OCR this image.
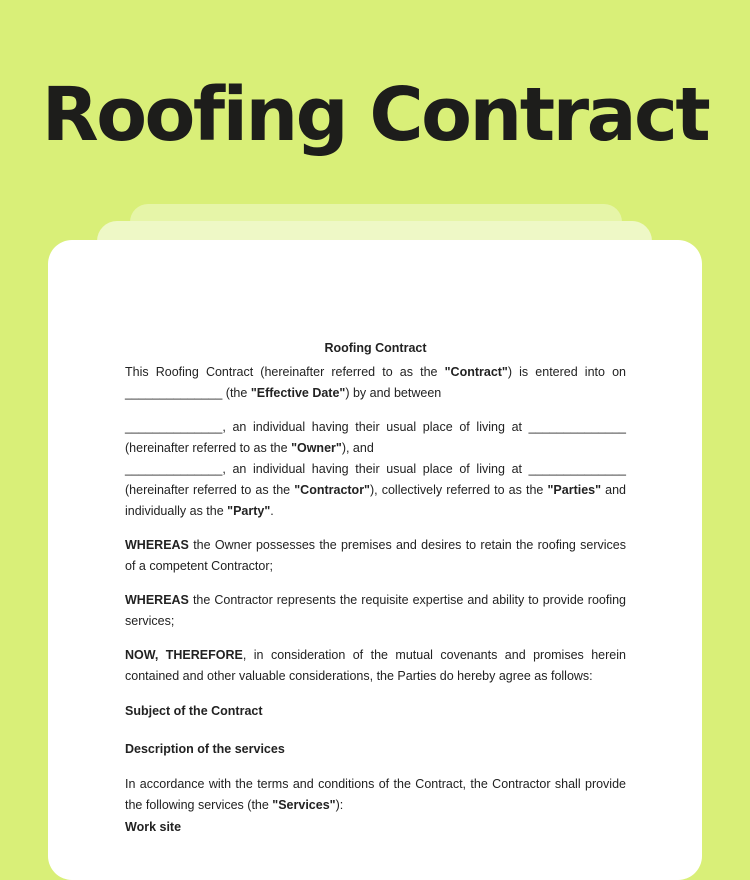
Roofing Contract
Roofing Contract

This Roofing Contract (hereinafter referred to as the "Contract") is entered into on ______________ (the "Effective Date") by and between

______________, an individual having their usual place of living at ______________ (hereinafter referred to as the "Owner"), and

______________, an individual having their usual place of living at ______________ (hereinafter referred to as the "Contractor"), collectively referred to as the "Parties" and individually as the "Party".

WHEREAS the Owner possesses the premises and desires to retain the roofing services of a competent Contractor;

WHEREAS the Contractor represents the requisite expertise and ability to provide roofing services;

NOW, THEREFORE, in consideration of the mutual covenants and promises herein contained and other valuable considerations, the Parties do hereby agree as follows:

Subject of the Contract
Description of the services

In accordance with the terms and conditions of the Contract, the Contractor shall provide the following services (the "Services"):

Work site
